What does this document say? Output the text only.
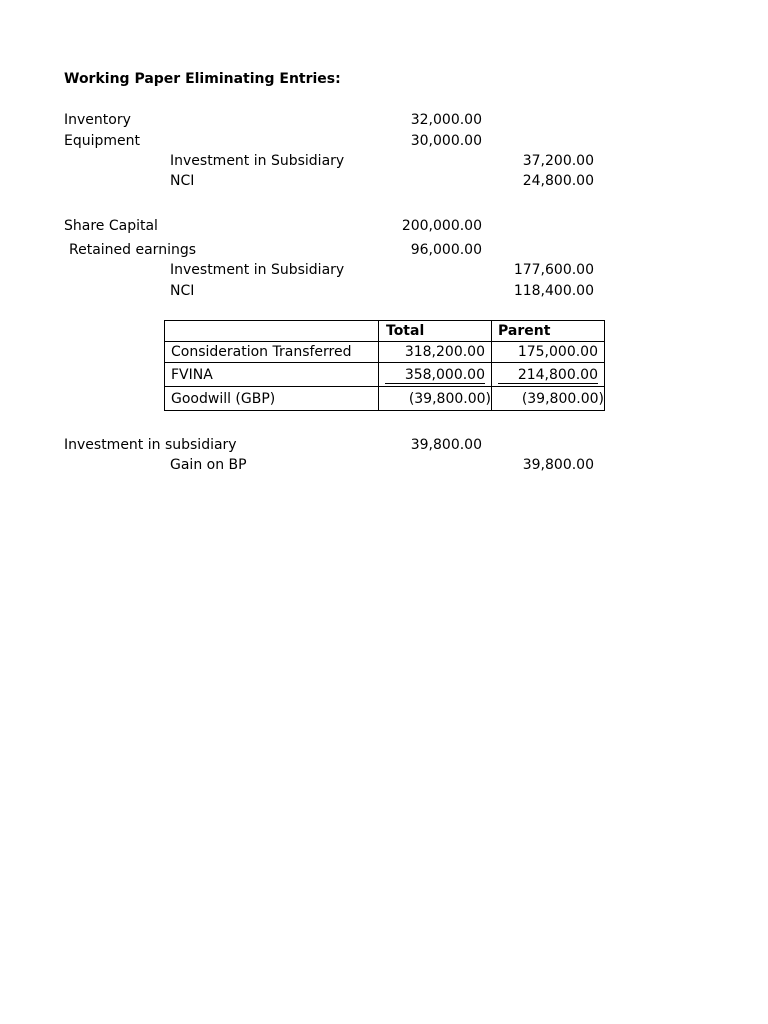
Working Paper Eliminating Entries:
Inventory	32,000.00
Equipment	30,000.00
Investment in Subsidiary	37,200.00
NCI	24,800.00
Share Capital	200,000.00
Retained earnings	96,000.00
Investment in Subsidiary	177,600.00
NCI	118,400.00
	Total	Parent
Consideration Transferred	318,200.00	175,000.00
FVINA	358,000.00	214,800.00
Goodwill (GBP)	(39,800.00)	(39,800.00)
Investment in subsidiary	39,800.00
Gain on BP	39,800.00
